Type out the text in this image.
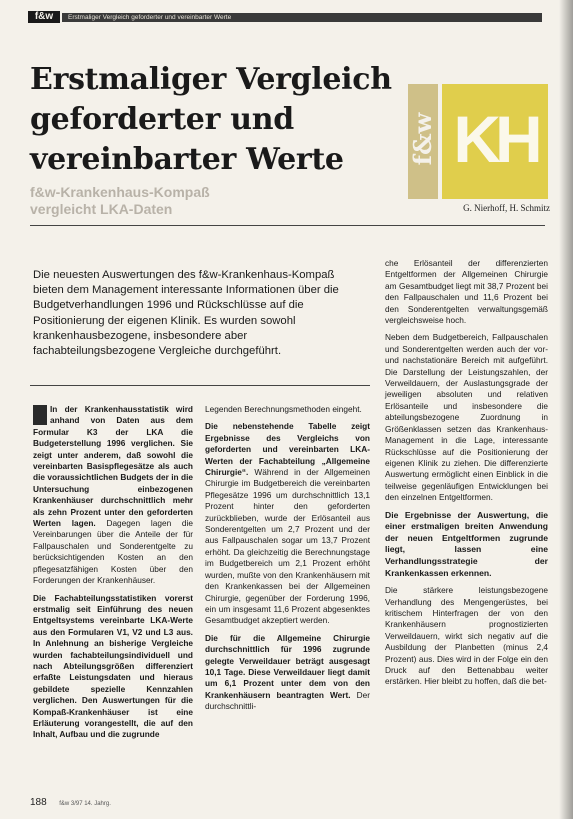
f&w	Erstmaliger Vergleich geforderter und vereinbarter Werte
Erstmaliger Vergleich
geforderter und
vereinbarter Werte	f&w KH
f&w-Krankenhaus-Kompaß
vergleicht LKA-Daten	G. Nierhoff, H. Schmitz
Die neuesten Auswertungen des f&w-Krankenhaus-Kompaß bieten dem Management interessante Informationen über die Budgetverhandlungen 1996 und Rückschlüsse auf die Positionierung der eigenen Klinik. Es wurden sowohl krankenhausbezogene, insbesondere aber fachabteilungsbezogene Vergleiche durchgeführt.

In der Krankenhausstatistik wird anhand von Daten aus dem Formular K3 der LKA die Budgeterstellung 1996 verglichen. Sie zeigt unter anderem, daß sowohl die vereinbarten Basispflegesätze als auch die voraussichtlichen Budgets der in die Untersuchung einbezogenen Krankenhäuser durchschnittlich mehr als zehn Prozent unter den geforderten Werten lagen. Dagegen lagen die Vereinbarungen über die Anteile der für Fallpauschalen und Sonderentgelte zu berücksichtigenden Kosten an den pflegesatzfähigen Kosten über den Forderungen der Krankenhäuser.

Die Fachabteilungsstatistiken vorerst erstmalig seit Einführung des neuen Entgeltsystems vereinbarte LKA-Werte aus den Formularen V1, V2 und L3 aus. In Anlehnung an bisherige Vergleiche wurden fachabteilungsindividuell und nach Abteilungsgrößen differenziert erfaßte Leistungsdaten und hieraus gebildete spezielle Kennzahlen verglichen. Den Auswertungen für die Kompaß-Krankenhäuser ist eine Erläuterung vorangestellt, die auf den Inhalt, Aufbau und die zugrunde

Legenden Berechnungsmethoden eingeht.

Die nebenstehende Tabelle zeigt Ergebnisse des Vergleichs von geforderten und vereinbarten LKA-Werten der Fachabteilung „Allgemeine Chirurgie“. Während in der Allgemeinen Chirurgie im Budgetbereich die vereinbarten Pflegesätze 1996 um durchschnittlich 13,1 Prozent hinter den geforderten zurückblieben, wurde der Erlösanteil aus Sonderentgelten um 2,7 Prozent und der aus Fallpauschalen sogar um 13,7 Prozent erhöht. Da gleichzeitig die Berechnungstage im Budgetbereich um 2,1 Prozent erhöht wurden, mußte von den Krankenhäusern mit den Krankenkassen bei der Allgemeinen Chirurgie, gegenüber der Forderung 1996, ein um insgesamt 11,6 Prozent abgesenktes Gesamtbudget akzeptiert werden.

Die für die Allgemeine Chirurgie durchschnittlich für 1996 zugrunde gelegte Verweildauer beträgt ausgesagt 10,1 Tage. Diese Verweildauer liegt damit um 6,1 Prozent unter dem von den Krankenhäusern beantragten Wert. Der durchschnittli-

che Erlösanteil der differenzierten Entgeltformen der Allgemeinen Chirurgie am Gesamtbudget liegt mit 38,7 Prozent bei den Fallpauschalen und 11,6 Prozent bei den Sonderentgelten verwaltungsgemäß vergleichsweise hoch.

Neben dem Budgetbereich, Fallpauschalen und Sonderentgelten werden auch der vor- und nachstationäre Bereich mit aufgeführt. Die Darstellung der Leistungszahlen, der Verweildauern, der Auslastungsgrade der jeweiligen absoluten und relativen Erlösanteile und insbesondere die abteilungsbezogene Zuordnung in Größenklassen setzen das Krankenhaus-Management in die Lage, interessante Rückschlüsse auf die Positionierung der eigenen Klinik zu ziehen. Die differenzierte Auswertung ermöglicht einen Einblick in die teilweise gegenläufigen Entwicklungen bei den einzelnen Entgeltformen.

Die Ergebnisse der Auswertung, die einer erstmaligen breiten Anwendung der neuen Entgeltformen zugrunde liegt, lassen eine Verhandlungsstrategie der Krankenkassen erkennen.

Die stärkere leistungsbezogene Verhandlung des Mengengerüstes, bei kritischem Hinterfragen der von den Krankenhäusern prognostizierten Verweildauern, wirkt sich negativ auf die Ausbildung der Planbetten (minus 2,4 Prozent) aus. Dies wird in der Folge ein den Druck auf den Bettenabbau weiter erstärken. Hier bleibt zu hoffen, daß die bet-

188 f&w 3/97 14. Jahrg.
